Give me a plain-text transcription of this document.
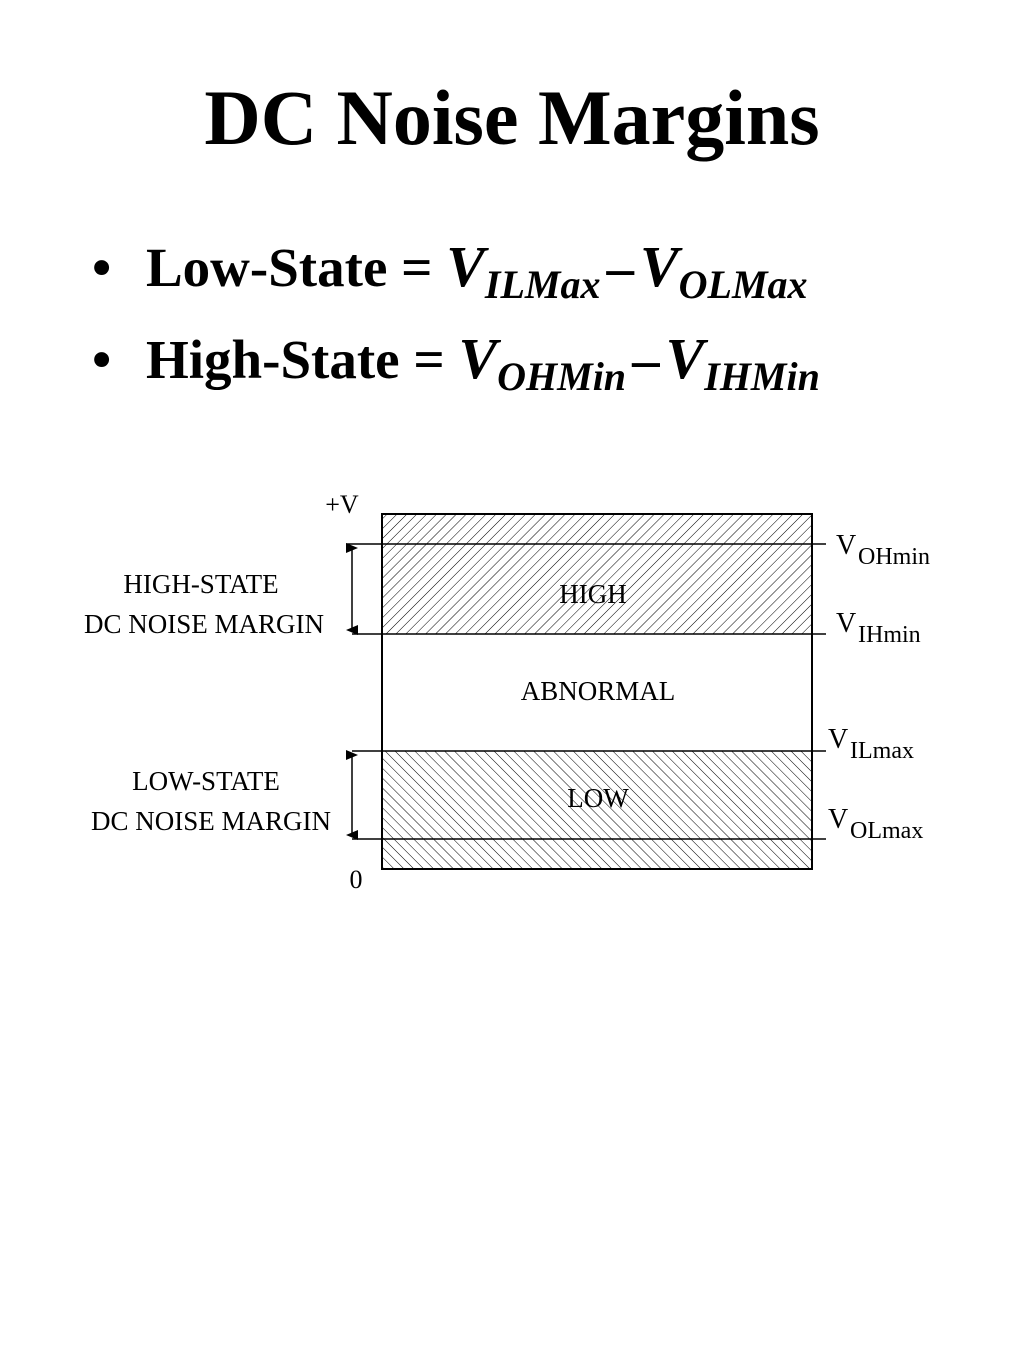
DC Noise Margins
• Low-State = $V_{ILMax} - V_{OLMax}$
• High-State = $V_{OHMin} - V_{IHMin}$
HIGH
ABNORMAL
LOW
+V
0
HIGH-STATE
DC NOISE MARGIN
LOW-STATE
DC NOISE MARGIN
V OHmin
V IHmin
V ILmax
V OLmax
